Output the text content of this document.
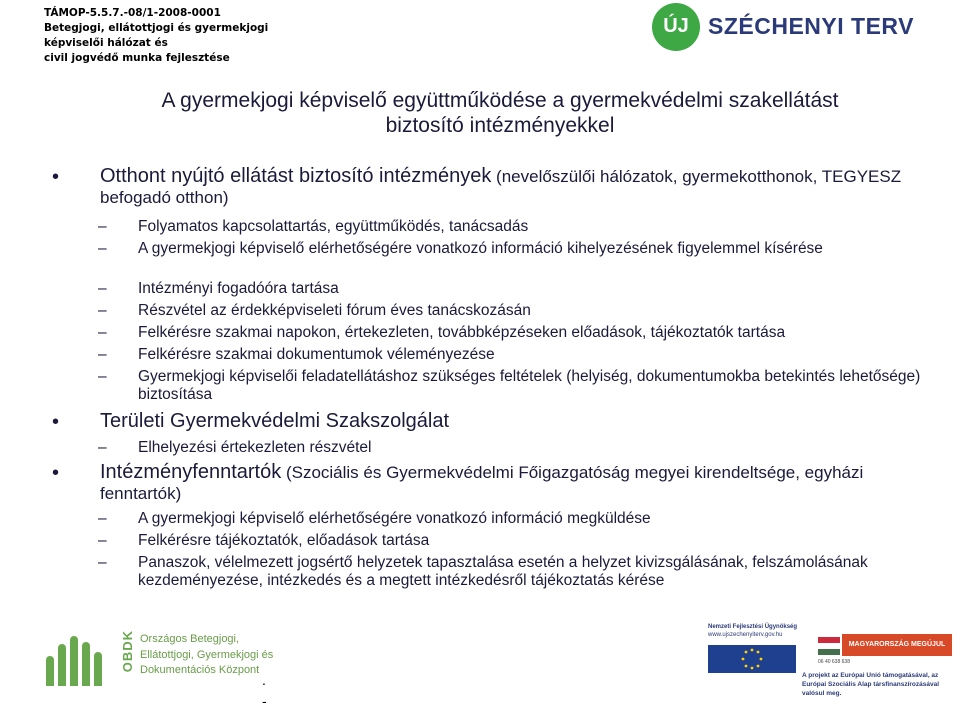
TÁMOP-5.5.7.-08/1-2008-0001
Betegjogi, ellátottjogi és gyermekjogi
képviselői hálózat és
civil jogvédő munka fejlesztése
ÚJ SZÉCHENYI TERV
A gyermekjogi képviselő együttműködése a gyermekvédelmi szakellátást
biztosító intézményekkel
• Otthont nyújtó ellátást biztosító intézmények (nevelőszülői hálózatok, gyermekotthonok, TEGYESZ befogadó otthon)
– Folyamatos kapcsolattartás, együttműködés, tanácsadás
– A gyermekjogi képviselő elérhetőségére vonatkozó információ kihelyezésének figyelemmel kísérése
– Intézményi fogadóóra tartása
– Részvétel az érdekképviseleti fórum éves tanácskozásán
– Felkérésre szakmai napokon, értekezleten, továbbképzéseken előadások, tájékoztatók tartása
– Felkérésre szakmai dokumentumok véleményezése
– Gyermekjogi képviselői feladatellátáshoz szükséges feltételek (helyiség, dokumentumokba betekintés lehetősége) biztosítása
• Területi Gyermekvédelmi Szakszolgálat
– Elhelyezési értekezleten részvétel
• Intézményfenntartók (Szociális és Gyermekvédelmi Főigazgatóság megyei kirendeltsége, egyházi fenntartók)
– A gyermekjogi képviselő elérhetőségére vonatkozó információ megküldése
– Felkérésre tájékoztatók, előadások tartása
– Panaszok, vélelmezett jogsértő helyzetek tapasztalása esetén a helyzet kivizsgálásának, felszámolásának kezdeményezése, intézkedés és a megtett intézkedésről tájékoztatás kérése
OBDK Országos Betegjogi,
Ellátottjogi, Gyermekjogi és
Dokumentációs Központ
.
-
Nemzeti Fejlesztési Ügynökség
www.ujszechenyiterv.gov.hu
MAGYARORSZÁG MEGÚJUL
06 40 638 638
A projekt az Európai Unió támogatásával, az Európai Szociális Alap társfinanszírozásával valósul meg.
